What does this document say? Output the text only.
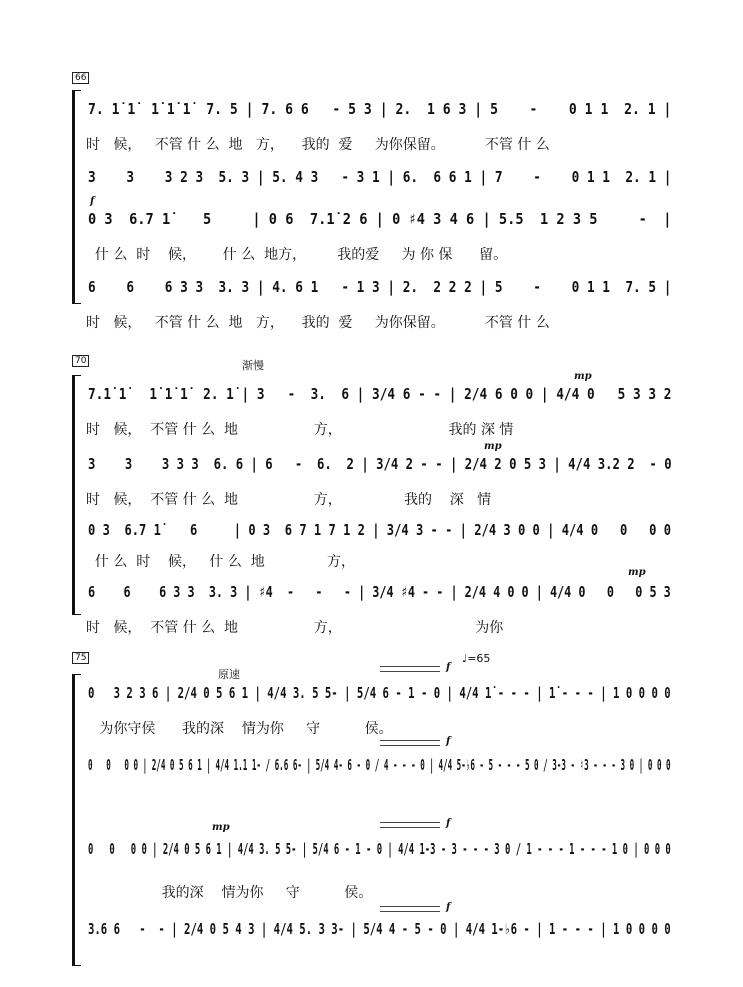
66
7. 1̇ 1̇  1̇ 1̇ 1̇  7. 5 | 7. 6 6   - 5 3 | 2.  1 6 3 | 5    -    0 1 1  2. 1 |
时   候，   不管 什 么  地   方，    我的  爱     为你保留。         不管 什 么
3    3    3 2 3  5. 3 | 5. 4 3   - 3 1 | 6.  6 6 1 | 7    -    0 1 1  2. 1 |
f
0 3  6.7 1̇    5     | 0 6  7.1̇ 2 6 | 0 ♯4 3 4 6 | 5.5  1 2 3 5     -  |
什 么  时    候，      什 么  地方，       我的爱     为 你 保      留。
6    6    6 3 3  3. 3 | 4. 6 1   - 1 3 | 2.  2 2 2 | 5    -    0 1 1  7. 5 |
时   候，   不管 什 么  地   方，    我的  爱     为你保留。         不管 什 么
70	渐慢
mp
7.1̇ 1̇   1̇ 1̇ 1̇  2. 1̇ | 3   -  3.  6 | 3/4 6 - - | 2/4 6 0 0 | 4/4 0   5 3 3 2
时   候，  不管 什 么  地                 方，                        我的 深 情
mp
3    3    3 3 3  6. 6 | 6   -  6.  2 | 3/4 2 - - | 2/4 2 0 5 3 | 4/4 3.2 2  - 0
时   候，  不管 什 么  地                 方，              我的    深   情
0 3  6.7 1̇    6     | 0 3  6 7 1 7 1 2 | 3/4 3 - - | 2/4 3 0 0 | 4/4 0   0   0 0
什 么  时    候，   什 么  地              方，
mp
6    6    6 3 3  3. 3 | ♯4  -   -   - | 3/4 ♯4 - - | 2/4 4 0 0 | 4/4 0   0   0 5 3
时   候，  不管 什 么  地                 方，                              为你
75
原速
♩=65
f
0   3 2 3 6 | 2/4 0 5 6 1 | 4/4 3. 5 5- | 5/4 6 - 1 - 0 | 4/4 1̇ - - - | 1̇ - - - | 1 0 0 0 0
为你守侯      我的深    情为你     守          侯。
f
0   0   0 0 | 2/4 0 5 6 1 | 4/4 1.1 1- / 6.6 6- | 5/4 4- 6 - 0 / 4 - - - 0 | 4/4 5-♭6 - 5 - - - 5 0 / 3-3 - ♮3 - - - 3 0 | 0 0 0
mp	f
0   0   0 0 | 2/4 0 5 6 1 | 4/4 3. 5 5- | 5/4 6 - 1 - 0 | 4/4 1-3 - 3 - - - 3 0 / 1 - - - 1 - - - 1 0 | 0 0 0
我的深    情为你     守          侯。
f
3.6 6   -  - | 2/4 0 5 4 3 | 4/4 5. 3 3- | 5/4 4 - 5 - 0 | 4/4 1-♭6 - | 1 - - - | 1 0 0 0 0
